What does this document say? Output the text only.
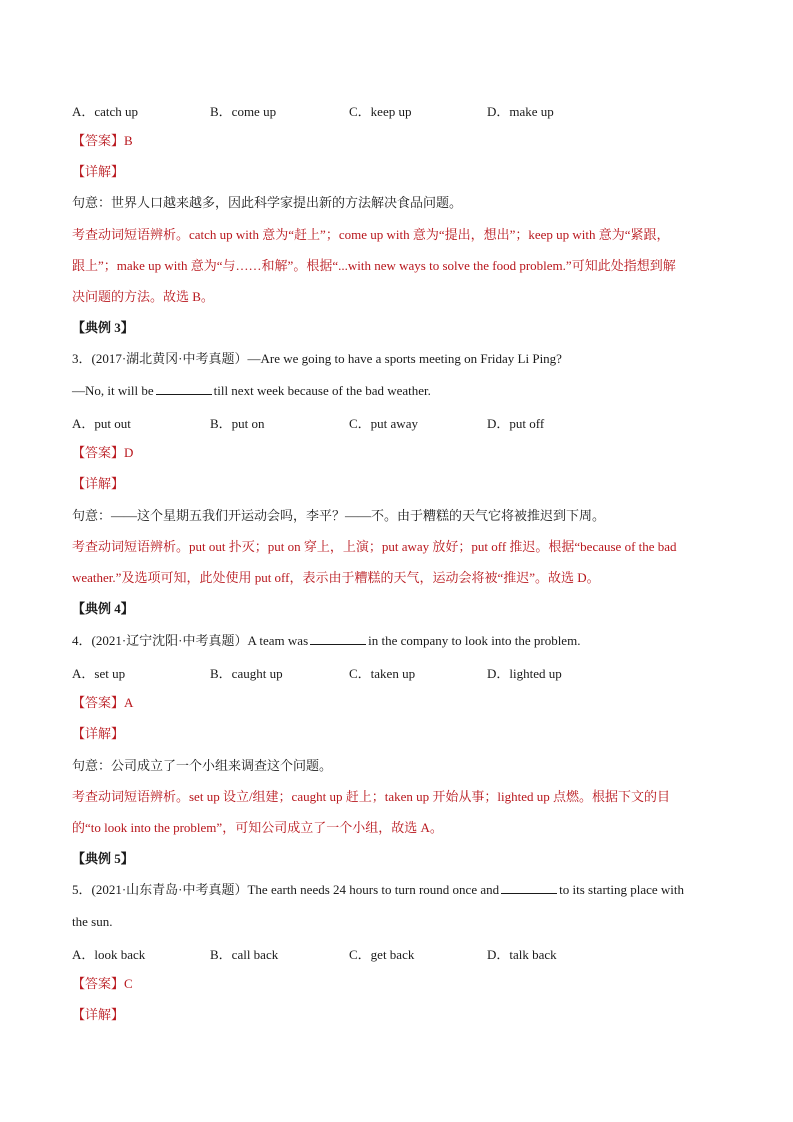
A．catch up	B．come up	C．keep up	D．make up
【答案】B
【详解】
句意：世界人口越来越多，因此科学家提出新的方法解决食品问题。
考查动词短语辨析。catch up with 意为“赶上”；come up with 意为“提出，想出”；keep up with 意为“紧跟，
跟上”；make up with 意为“与……和解”。根据“...with new ways to solve the food problem.”可知此处指想到解
决问题的方法。故选 B。
【典例 3】
3．(2017·湖北黄冈·中考真题）—Are we going to have a sports meeting on Friday Li Ping?
—No, it will be	till next week because of the bad weather.
A．put out	B．put on	C．put away	D．put off
【答案】D
【详解】
句意：——这个星期五我们开运动会吗，李平？——不。由于糟糕的天气它将被推迟到下周。
考查动词短语辨析。put out 扑灭；put on 穿上，上演；put away 放好；put off 推迟。根据“because of the bad
weather.”及选项可知，此处使用 put off，表示由于糟糕的天气，运动会将被“推迟”。故选 D。
【典例 4】
4．(2021·辽宁沈阳·中考真题）A team was	in the company to look into the problem.
A．set up	B．caught up	C．taken up	D．lighted up
【答案】A
【详解】
句意：公司成立了一个小组来调查这个问题。
考查动词短语辨析。set up 设立/组建；caught up 赶上；taken up 开始从事；lighted up 点燃。根据下文的目
的“to look into the problem”，可知公司成立了一个小组，故选 A。
【典例 5】
5．(2021·山东青岛·中考真题）The earth needs 24 hours to turn round once and	to its starting place with
the sun.
A．look back	B．call back	C．get back	D．talk back
【答案】C
【详解】
